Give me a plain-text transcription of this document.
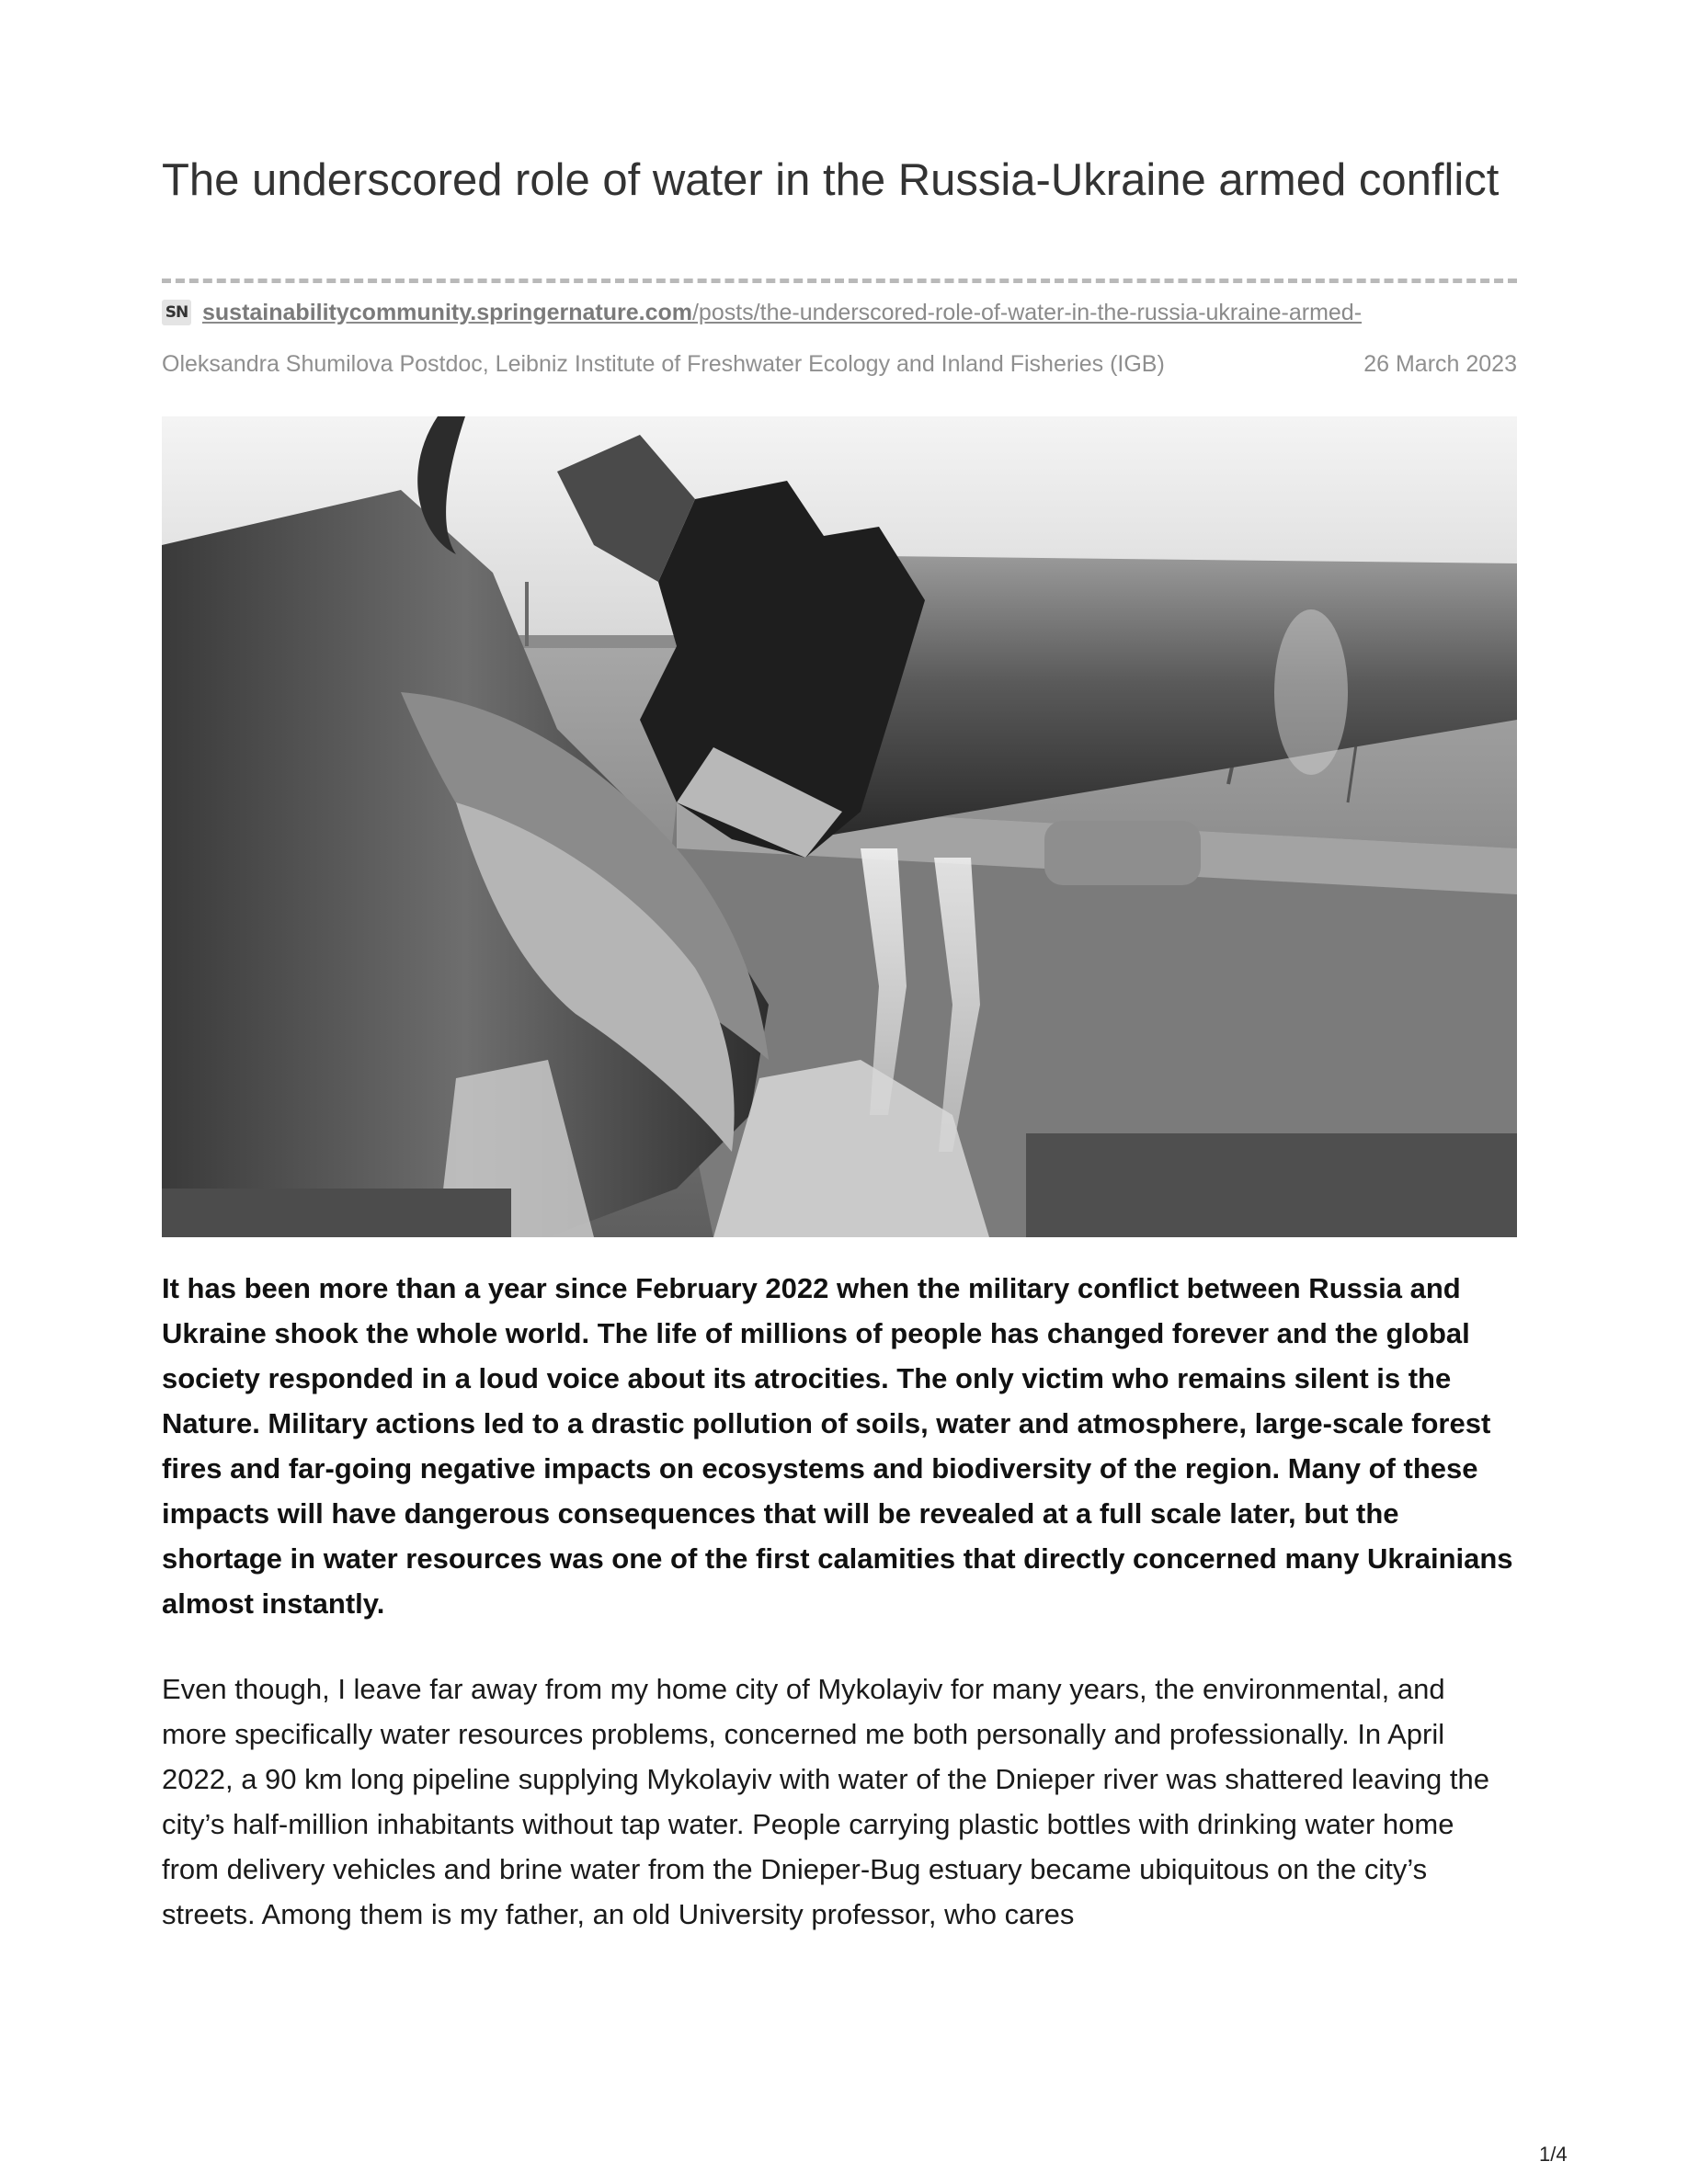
The underscored role of water in the Russia-Ukraine armed conflict
SN sustainabilitycommunity.springernature.com/posts/the-underscored-role-of-water-in-the-russia-ukraine-armed-
Oleksandra Shumilova Postdoc, Leibniz Institute of Freshwater Ecology and Inland Fisheries (IGB)	26 March 2023

It has been more than a year since February 2022 when the military conflict between Russia and Ukraine shook the whole world. The life of millions of people has changed forever and the global society responded in a loud voice about its atrocities. The only victim who remains silent is the Nature. Military actions led to a drastic pollution of soils, water and atmosphere, large-scale forest fires and far-going negative impacts on ecosystems and biodiversity of the region. Many of these impacts will have dangerous consequences that will be revealed at a full scale later, but the shortage in water resources was one of the first calamities that directly concerned many Ukrainians almost instantly.

Even though, I leave far away from my home city of Mykolayiv for many years, the environmental, and more specifically water resources problems, concerned me both personally and professionally. In April 2022, a 90 km long pipeline supplying Mykolayiv with water of the Dnieper river was shattered leaving the city’s half-million inhabitants without tap water. People carrying plastic bottles with drinking water home from delivery vehicles and brine water from the Dnieper-Bug estuary became ubiquitous on the city’s streets. Among them is my father, an old University professor, who cares

1/4
